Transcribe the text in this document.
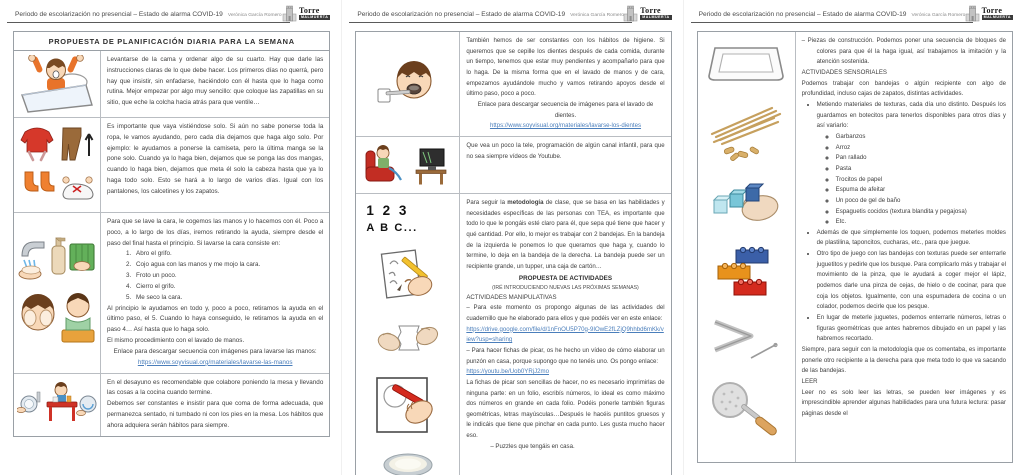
Periodo de escolarización no presencial – Estado de alarma COVID-19 Verónica García Romero
Torre
MALMUERTA
PROPUESTA DE PLANIFICACIÓN DIARIA PARA LA SEMANA

Levantarse de la cama y ordenar algo de su cuarto. Hay que darle las instrucciones claras de lo que debe hacer. Los primeros días no querrá, pero hay que insistir, sin enfadarse, haciéndolo con él hasta que lo haga como rutina. Mejor empezar por algo muy sencillo: que coloque las zapatillas en su sitio, que eche la colcha hacia atrás para que ventile…

Es importante que vaya vistiéndose solo. Si aún no sabe ponerse toda la ropa, le vamos ayudando, pero cada día dejamos que haga algo solo. Por ejemplo: le ayudamos a ponerse la camiseta, pero la última manga se la pone solo. Cuando ya lo haga bien, dejamos que se ponga las dos mangas, cuando lo haga bien, dejamos que meta él solo la cabeza hasta que ya lo haga todo solo. Esto se hará a lo largo de varios días. Igual con los pantalones, los calcetines y los zapatos.

Para que se lave la cara, le cogemos las manos y lo hacemos con él. Poco a poco, a lo largo de los días, iremos retirando la ayuda, siempre desde el paso del final hasta el principio. Si lavarse la cara consiste en:

1. Abro el grifo.
2. Cojo agua con las manos y me mojo la cara.
3. Froto un poco.
4. Cierro el grifo.
5. Me seco la cara.

Al principio le ayudamos en todo y, poco a poco, retiramos la ayuda en el último paso, el 5. Cuando lo haya conseguido, le retiramos la ayuda en el paso 4… Así hasta que lo haga solo.

El mismo procedimiento con el lavado de manos.

Enlace para descargar secuencia con imágenes para lavarse las manos:

https://www.soyvisual.org/materiales/lavarse-las-manos

En el desayuno es recomendable que colabore poniendo la mesa y llevando las cosas a la cocina cuando termine.

Debemos ser constantes e insistir para que coma de forma adecuada, que permanezca sentado, ni tumbado ni con los pies en la mesa. Los hábitos que ahora adquiera serán hábitos para siempre.

Periodo de escolarización no presencial – Estado de alarma COVID-19 Verónica García Romero
Torre
MALMUERTA

También hemos de ser constantes con los hábitos de higiene. Si queremos que se cepille los dientes después de cada comida, durante un tiempo, tenemos que estar muy pendientes y acompañarlo para que lo haga. De la misma forma que en el lavado de manos y de cara, empezamos ayudándole mucho y vamos retirando apoyos desde el último paso, poco a poco.

Enlace para descargar secuencia de imágenes para el lavado de dientes.

https://www.soyvisual.org/materiales/lavarse-los-dientes

Que vea un poco la tele, programación de algún canal infantil, para que no sea siempre vídeos de Youtube.

1 2 3
A B C...

Para seguir la metodología de clase, que se basa en las habilidades y necesidades específicas de las personas con TEA, es importante que todo lo que le pongáis esté claro para él, que sepa qué tiene que hacer y qué cantidad. Por ello, lo mejor es trabajar con 2 bandejas. En la bandeja de la izquierda le ponemos lo que queramos que haga y, cuando lo termine, lo deja en la bandeja de la derecha. La bandeja puede ser un recipiente grande, un tupper, una caja de cartón…

PROPUESTA DE ACTIVIDADES

(IRÉ INTRODUCIENDO NUEVAS LAS PRÓXIMAS SEMANAS)

ACTIVIDADES MANIPULATIVAS

– Para este momento os propongo algunas de las actividades del cuadernillo que he elaborado para ellos y que podéis ver en este enlace:

https://drive.google.com/file/d/1nFnOU5P70g-9IOwE2fLZjQ9hhbd6mKk/view?usp=sharing

– Para hacer fichas de picar, os he hecho un vídeo de cómo elaborar un punzón en casa, porque supongo que no tenéis uno. Os pongo enlace:

https://youtu.be/Uob0YRjJ2mo

La fichas de picar son sencillas de hacer, no es necesario imprimirlas de ninguna parte: en un folio, escribís números, lo ideal es como máximo dos números en grande en cada folio. Podéis ponerle también figuras geométricas, letras mayúsculas…Después le hacéis puntitos gruesos y le indicáis que tiene que pinchar en cada punto. Les gusta mucho hacer eso.

– Puzzles que tengáis en casa.

Periodo de escolarización no presencial – Estado de alarma COVID-19 Verónica García Romero
Torre
MALMUERTA

– Piezas de construcción. Podemos poner una secuencia de bloques de colores para que él la haga igual, así trabajamos la imitación y la atención sostenida.

ACTIVIDADES SENSORIALES

Podemos trabajar con bandejas o algún recipiente con algo de profundidad, incluso cajas de zapatos, distintas actividades.

• Metiendo materiales de texturas, cada día uno distinto. Después los guardamos en botecitos para tenerlos disponibles para otros días y así variarlo:
◦ Garbanzos
◦ Arroz
◦ Pan rallado
◦ Pasta
◦ Trocitos de papel
◦ Espuma de afeitar
◦ Un poco de gel de baño
◦ Espaguetis cocidos (textura blandita y pegajosa)
◦ Etc.
• Además de que simplemente los toquen, podemos meterles moldes de plastilina, taponcitos, cucharas, etc., para que juegue.
• Otro tipo de juego con las bandejas con texturas puede ser enterrarle juguetitos y pedirle que los busque. Para complicarlo más y trabajar el movimiento de la pinza, que le ayudará a coger mejor el lápiz, podemos darle una pinza de cejas, de hielo o de cocinar, para que coja los objetos. Igualmente, con una espumadera de cocina o un colador, podemos decirle que los pesque.
• En lugar de meterle juguetes, podemos enterrarle números, letras o figuras geométricas que antes habremos dibujado en un papel y las habremos recortado.

Siempre, para seguir con la metodología que os comentaba, es importante ponerle otro recipiente a la derecha para que meta todo lo que va sacando de las bandejas.

LEER

Leer no es solo leer las letras, se pueden leer imágenes y es imprescindible aprender algunas habilidades para una futura lectura: pasar páginas desde el
